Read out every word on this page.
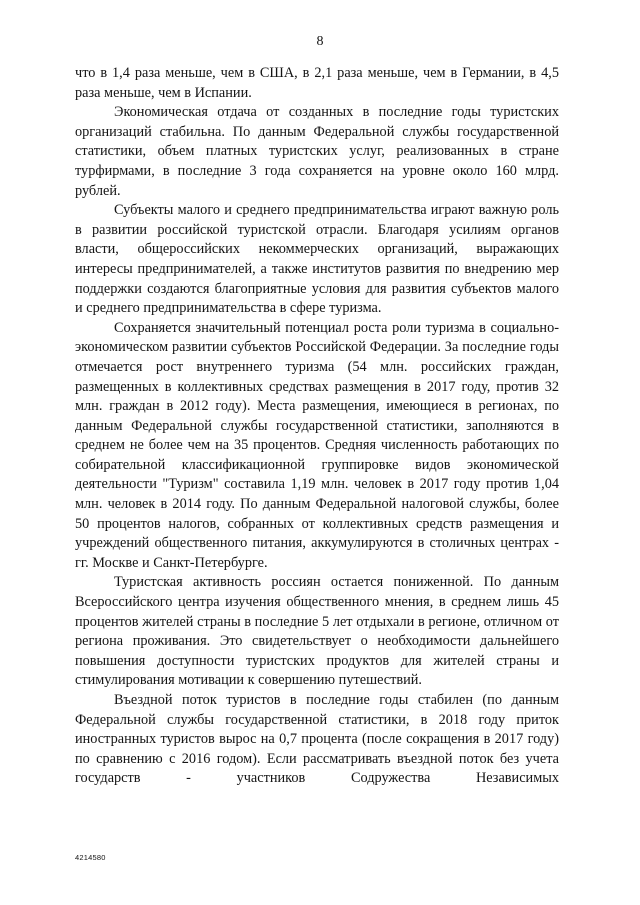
8

что в 1,4 раза меньше, чем в США, в 2,1 раза меньше, чем в Германии, в 4,5 раза меньше, чем в Испании.

Экономическая отдача от созданных в последние годы туристских организаций стабильна. По данным Федеральной службы государственной статистики, объем платных туристских услуг, реализованных в стране турфирмами, в последние 3 года сохраняется на уровне около 160 млрд. рублей.

Субъекты малого и среднего предпринимательства играют важную роль в развитии российской туристской отрасли. Благодаря усилиям органов власти, общероссийских некоммерческих организаций, выражающих интересы предпринимателей, а также институтов развития по внедрению мер поддержки создаются благоприятные условия для развития субъектов малого и среднего предпринимательства в сфере туризма.

Сохраняется значительный потенциал роста роли туризма в социально-экономическом развитии субъектов Российской Федерации. За последние годы отмечается рост внутреннего туризма (54 млн. российских граждан, размещенных в коллективных средствах размещения в 2017 году, против 32 млн. граждан в 2012 году). Места размещения, имеющиеся в регионах, по данным Федеральной службы государственной статистики, заполняются в среднем не более чем на 35 процентов. Средняя численность работающих по собирательной классификационной группировке видов экономической деятельности "Туризм" составила 1,19 млн. человек в 2017 году против 1,04 млн. человек в 2014 году. По данным Федеральной налоговой службы, более 50 процентов налогов, собранных от коллективных средств размещения и учреждений общественного питания, аккумулируются в столичных центрах - гг. Москве и Санкт-Петербурге.

Туристская активность россиян остается пониженной. По данным Всероссийского центра изучения общественного мнения, в среднем лишь 45 процентов жителей страны в последние 5 лет отдыхали в регионе, отличном от региона проживания. Это свидетельствует о необходимости дальнейшего повышения доступности туристских продуктов для жителей страны и стимулирования мотивации к совершению путешествий.

Въездной поток туристов в последние годы стабилен (по данным Федеральной службы государственной статистики, в 2018 году приток иностранных туристов вырос на 0,7 процента (после сокращения в 2017 году) по сравнению с 2016 годом). Если рассматривать въездной поток без учета государств - участников Содружества Независимых

4214580
